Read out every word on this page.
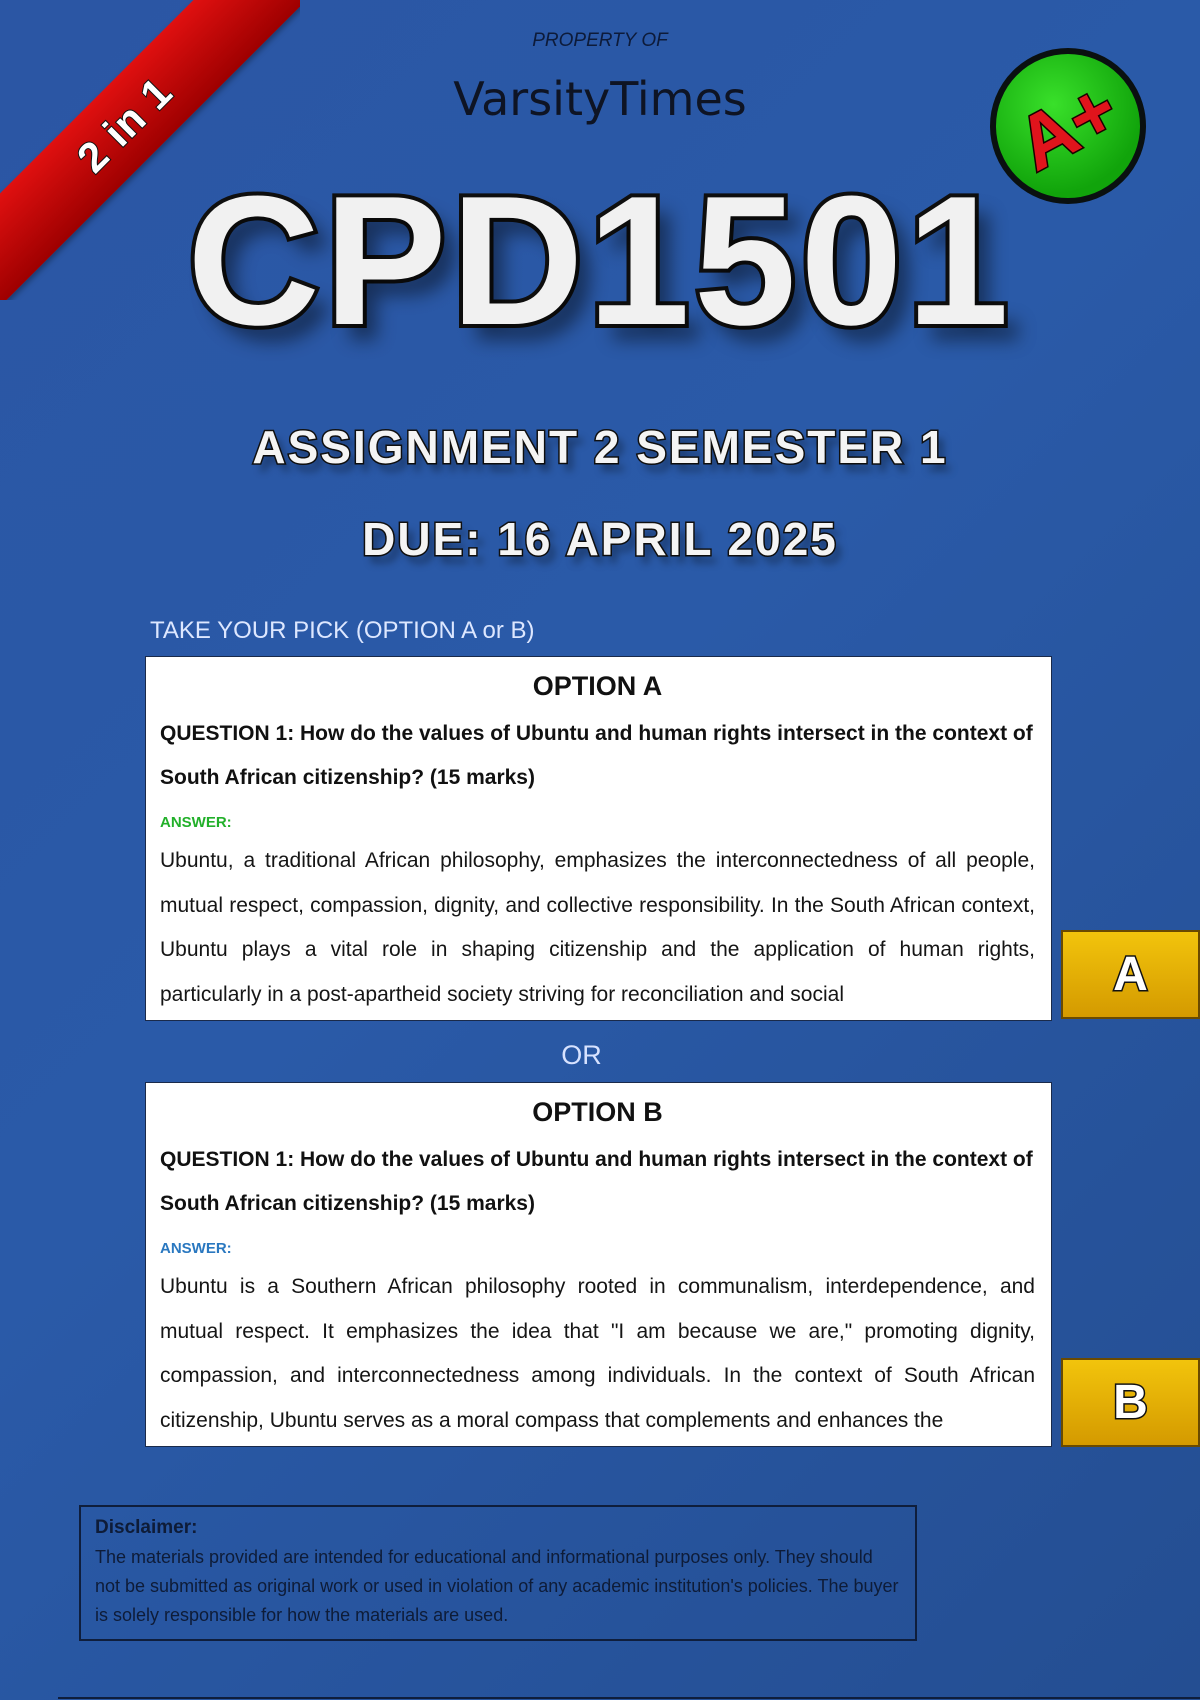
2 in 1
PROPERTY OF
VarsityTimes	A+
CPD1501
ASSIGNMENT 2 SEMESTER 1
DUE: 16 APRIL 2025
TAKE YOUR PICK (OPTION A or B)
OPTION A
QUESTION 1: How do the values of Ubuntu and human rights intersect in the context of South African citizenship? (15 marks)
ANSWER:
Ubuntu, a traditional African philosophy, emphasizes the interconnectedness of all people, mutual respect, compassion, dignity, and collective responsibility. In the South African context, Ubuntu plays a vital role in shaping citizenship and the application of human rights, particularly in a post-apartheid society striving for reconciliation and social	A
OR
OPTION B
QUESTION 1: How do the values of Ubuntu and human rights intersect in the context of South African citizenship? (15 marks)
ANSWER:
Ubuntu is a Southern African philosophy rooted in communalism, interdependence, and mutual respect. It emphasizes the idea that "I am because we are," promoting dignity, compassion, and interconnectedness among individuals. In the context of South African citizenship, Ubuntu serves as a moral compass that complements and enhances the	B
Disclaimer:
The materials provided are intended for educational and informational purposes only. They should not be submitted as original work or used in violation of any academic institution's policies. The buyer is solely responsible for how the materials are used.
